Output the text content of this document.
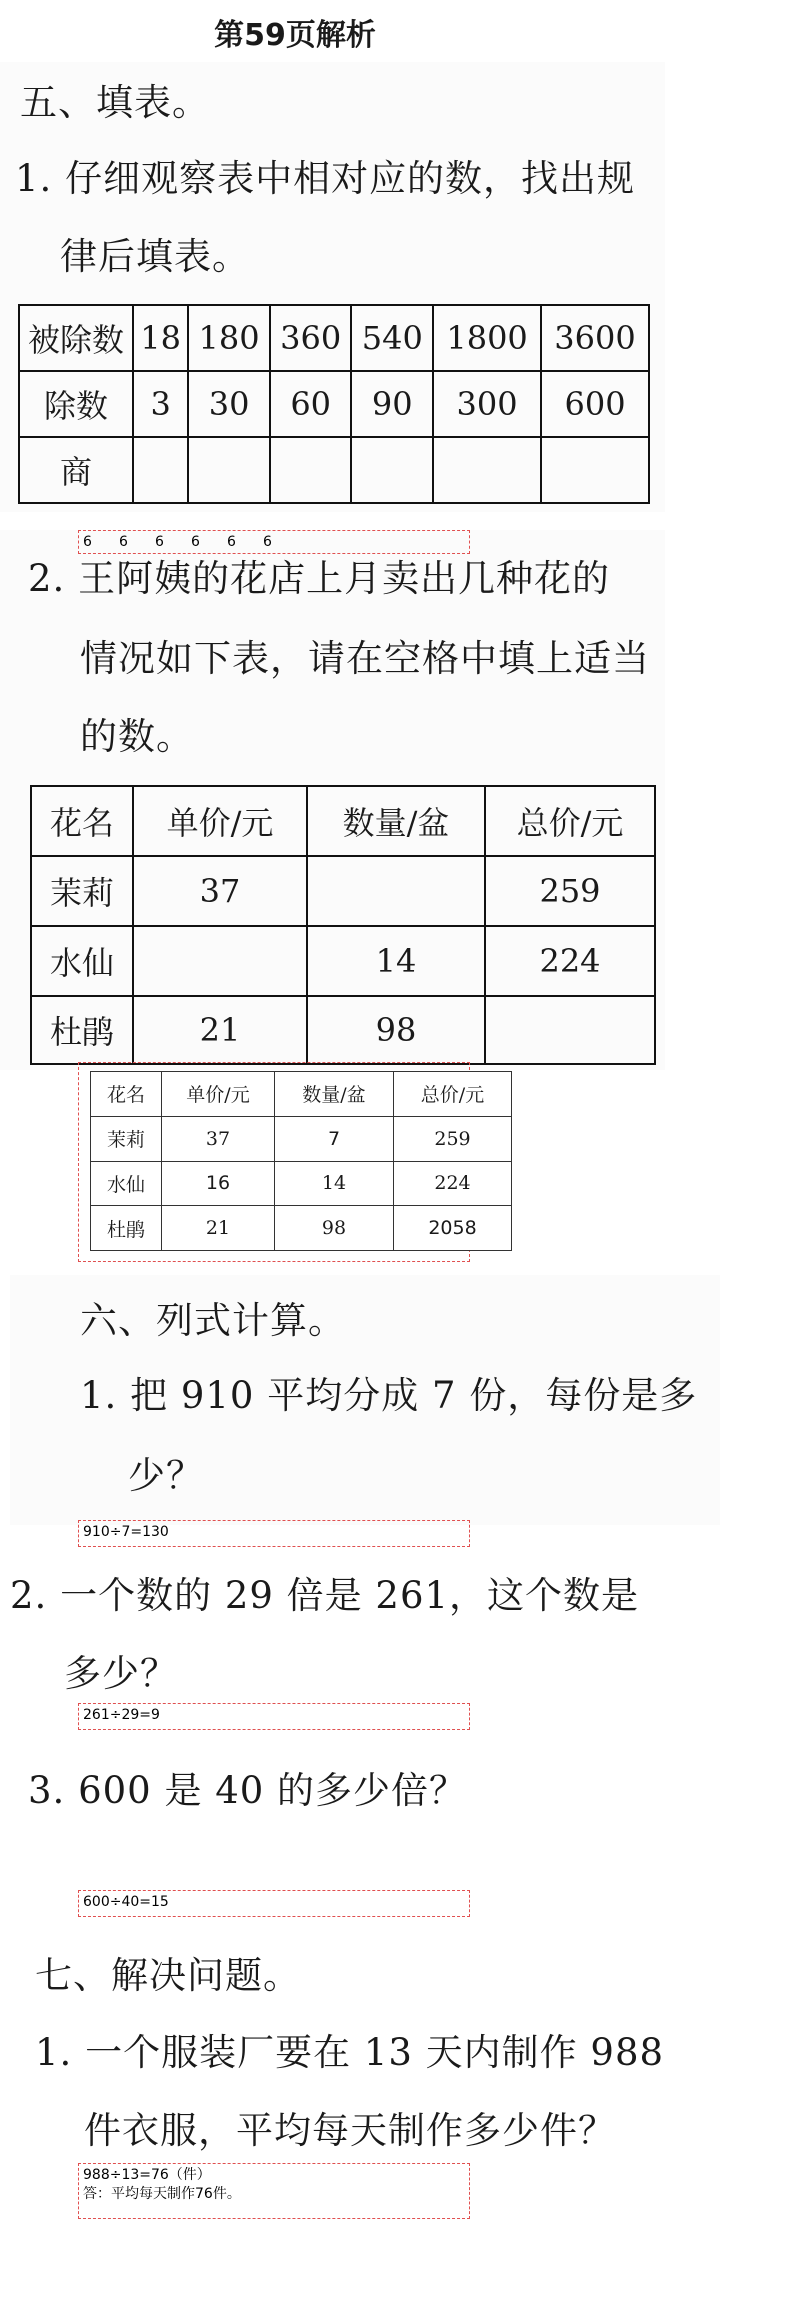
第59页解析
五、填表。
1. 仔细观察表中相对应的数，找出规
律后填表。
被除数	18	180	360	540	1800	3600
除数	3	30	60	90	300	600
商						
6 6 6 6 6 6
2. 王阿姨的花店上月卖出几种花的
情况如下表，请在空格中填上适当
的数。
花名	单价/元	数量/盆	总价/元
茉莉	37		259
水仙		14	224
杜鹃	21	98	
花名	单价/元	数量/盆	总价/元
茉莉	37	7	259
水仙	16	14	224
杜鹃	21	98	2058
六、列式计算。
1. 把 910 平均分成 7 份，每份是多
少？
910÷7=130
2. 一个数的 29 倍是 261，这个数是
多少？
261÷29=9
3. 600 是 40 的多少倍？
600÷40=15
七、解决问题。
1. 一个服装厂要在 13 天内制作 988
件衣服，平均每天制作多少件？
988÷13=76（件）
答：平均每天制作76件。
